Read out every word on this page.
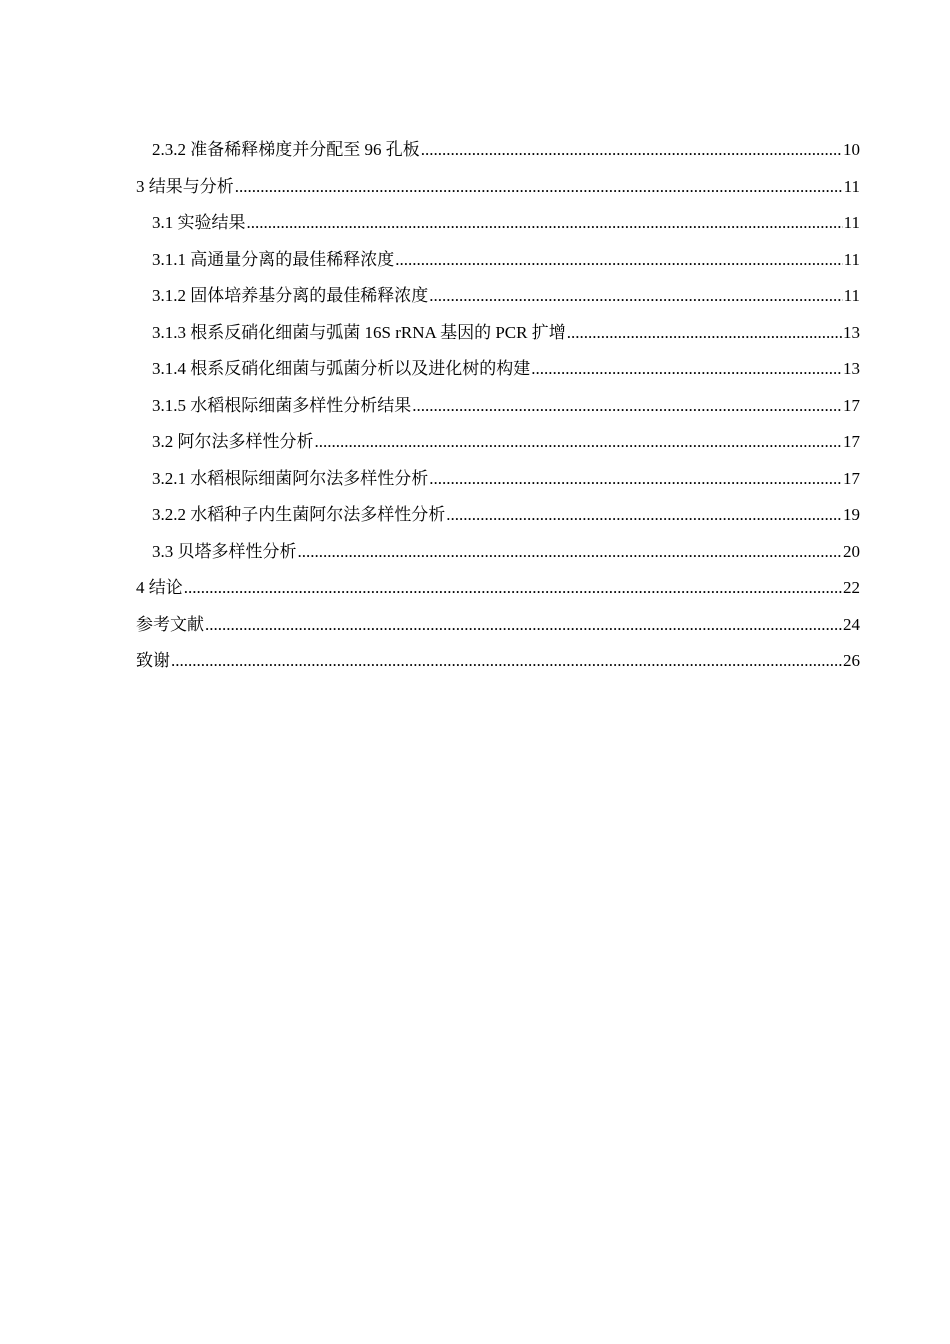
2.3.2 准备稀释梯度并分配至 96 孔板 .....	10
3 结果与分析 .....	11
3.1 实验结果 .....	11
3.1.1 高通量分离的最佳稀释浓度 .....	11
3.1.2 固体培养基分离的最佳稀释浓度 .....	11
3.1.3 根系反硝化细菌与弧菌 16S rRNA 基因的 PCR 扩增 .....	13
3.1.4 根系反硝化细菌与弧菌分析以及进化树的构建 .....	13
3.1.5 水稻根际细菌多样性分析结果 .....	17
3.2 阿尔法多样性分析 .....	17
3.2.1 水稻根际细菌阿尔法多样性分析 .....	17
3.2.2 水稻种子内生菌阿尔法多样性分析 .....	19
3.3 贝塔多样性分析 .....	20
4 结论 .....	22
参考文献 .....	24
致谢 .....	26
